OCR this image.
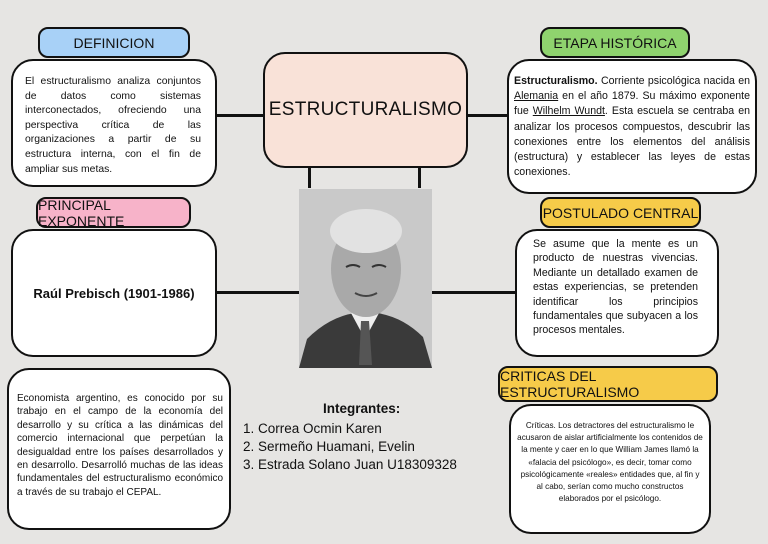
DEFINICION
El estructuralismo analiza conjuntos de datos como sistemas interconectados, ofreciendo una perspectiva crítica de las organizaciones a partir de su estructura interna, con el fin de ampliar sus metas.
ESTRUCTURALISMO
ETAPA HISTÓRICA
Estructuralismo. Corriente psicológica nacida en Alemania en el año 1879. Su máximo exponente fue Wilhelm Wundt. Esta escuela se centraba en analizar los procesos compuestos, descubrir las conexiones entre los elementos del análisis (estructura) y establecer las leyes de estas conexiones.
PRINCIPAL EXPONENTE
Raúl Prebisch (1901-1986)
POSTULADO CENTRAL
Se asume que la mente es un producto de nuestras vivencias. Mediante un detallado examen de estas experiencias, se pretenden identificar los principios fundamentales que subyacen a los procesos mentales.
Economista argentino, es conocido por su trabajo en el campo de la economía del desarrollo y su crítica a las dinámicas del comercio internacional que perpetúan la desigualdad entre los países desarrollados y en desarrollo. Desarrolló muchas de las ideas fundamentales del estructuralismo económico a través de su trabajo el CEPAL.
Integrantes:
1. Correa Ocmin Karen
2. Sermeño Huamani, Evelin
3. Estrada Solano Juan U18309328
CRITICAS DEL ESTRUCTURALISMO
Críticas. Los detractores del estructuralismo le acusaron de aislar artificialmente los contenidos de la mente y caer en lo que William James llamó la «falacia del psicólogo», es decir, tomar como psicológicamente «reales» entidades que, al fin y al cabo, serían como mucho constructos elaborados por el psicólogo.
